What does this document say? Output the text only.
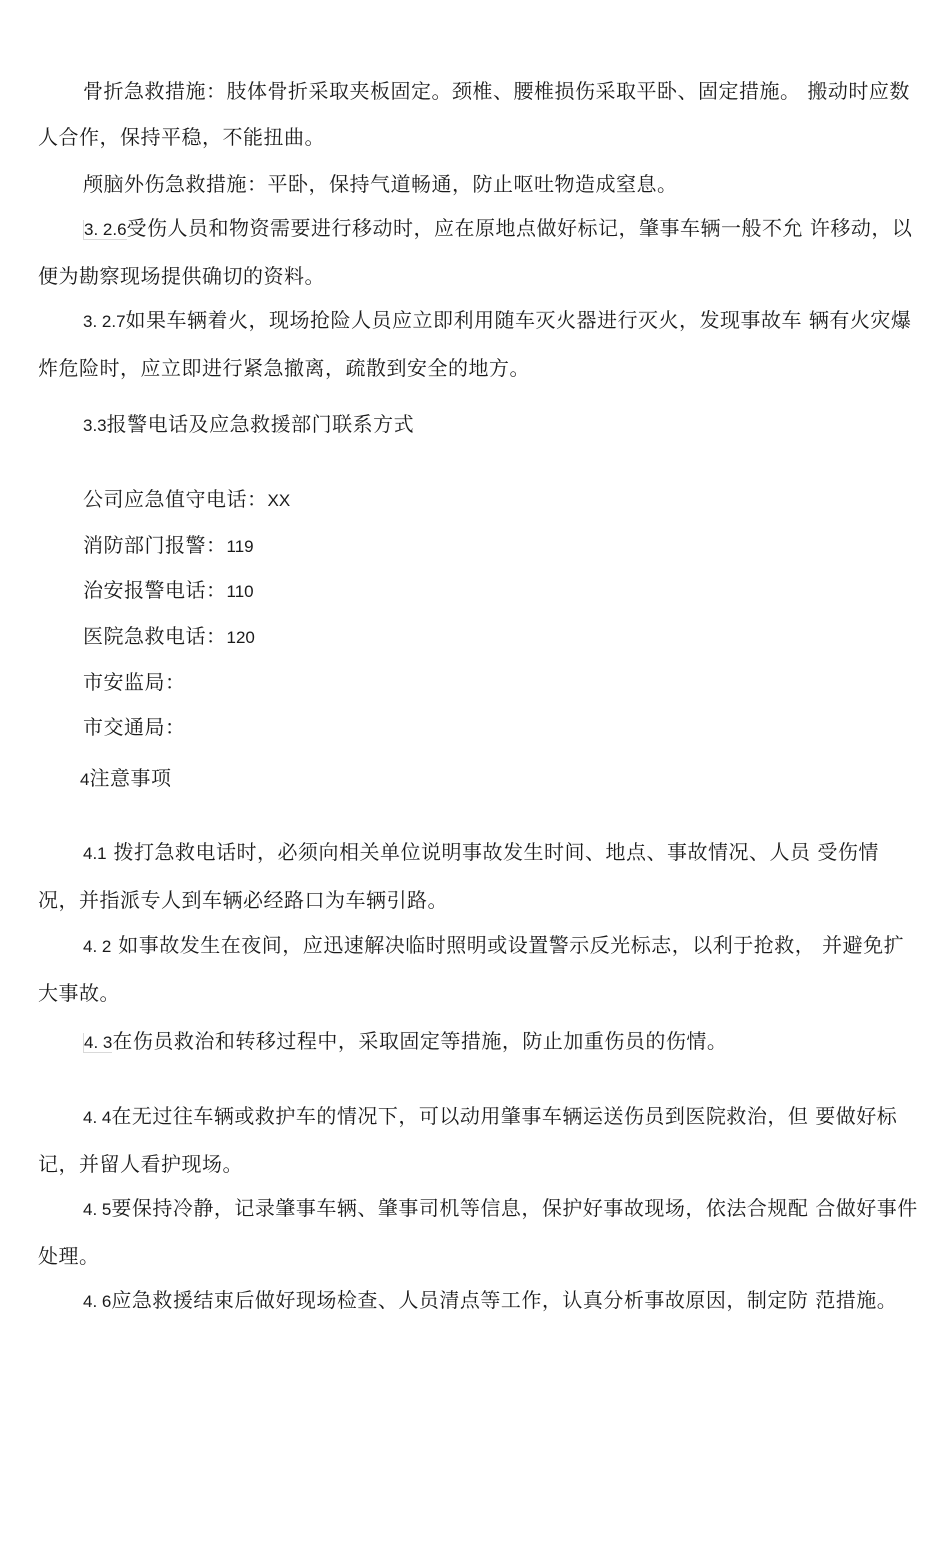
骨折急救措施：肢体骨折采取夹板固定。颈椎、腰椎损伤采取平卧、固定措施。 搬动时应数人合作，保持平稳，不能扭曲。

颅脑外伤急救措施：平卧，保持气道畅通，防止呕吐物造成窒息。

3. 2.6受伤人员和物资需要进行移动时，应在原地点做好标记，肇事车辆一般不允 许移动，以便为勘察现场提供确切的资料。

3. 2.7如果车辆着火，现场抢险人员应立即利用随车灭火器进行灭火，发现事故车 辆有火灾爆炸危险时，应立即进行紧急撤离，疏散到安全的地方。

3.3报警电话及应急救援部门联系方式

公司应急值守电话：XX

消防部门报警：119

治安报警电话：110

医院急救电话：120

市安监局：

市交通局：

4注意事项

4.1 拨打急救电话时，必须向相关单位说明事故发生时间、地点、事故情况、人员 受伤情况，并指派专人到车辆必经路口为车辆引路。

4. 2 如事故发生在夜间，应迅速解决临时照明或设置警示反光标志，以利于抢救， 并避免扩大事故。

4. 3在伤员救治和转移过程中，采取固定等措施，防止加重伤员的伤情。

4. 4在无过往车辆或救护车的情况下，可以动用肇事车辆运送伤员到医院救治，但 要做好标记，并留人看护现场。

4. 5要保持冷静，记录肇事车辆、肇事司机等信息，保护好事故现场，依法合规配 合做好事件处理。

4. 6应急救援结束后做好现场检查、人员清点等工作，认真分析事故原因，制定防 范措施。
